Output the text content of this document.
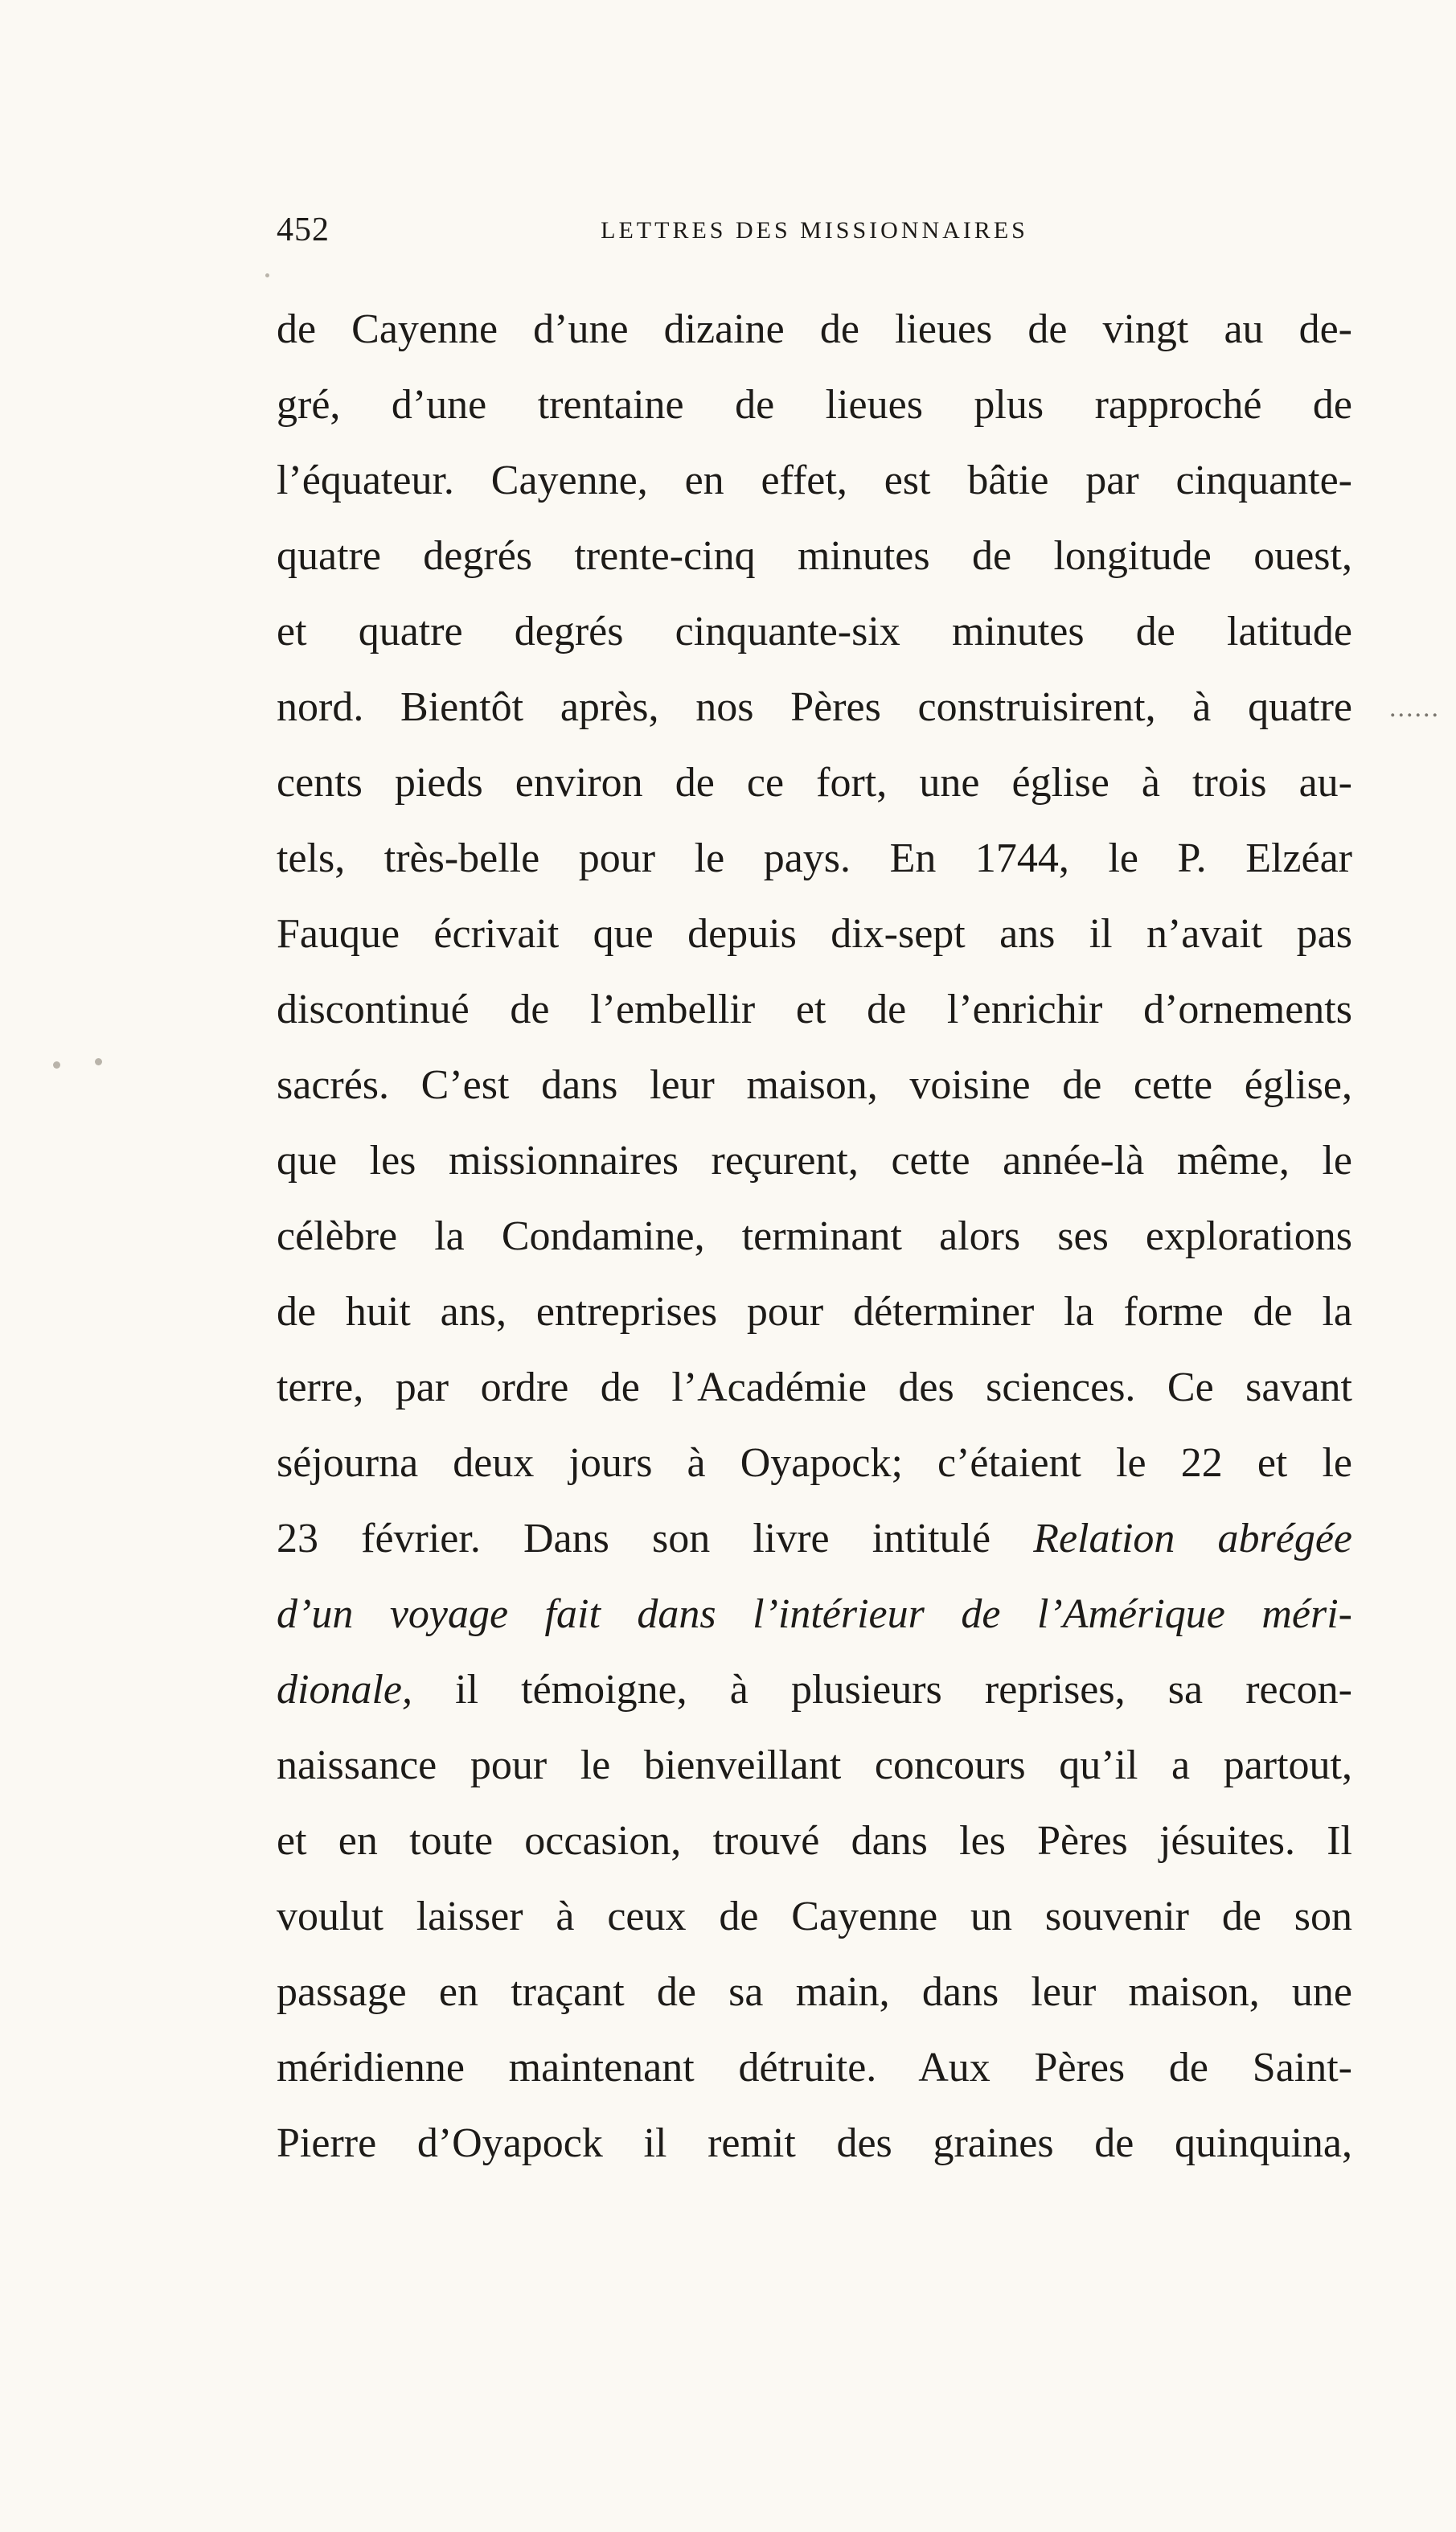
452	LETTRES DES MISSIONNAIRES
de Cayenne d’une dizaine de lieues de vingt au de-
gré, d’une trentaine de lieues plus rapproché de
l’équateur. Cayenne, en effet, est bâtie par cinquante-
quatre degrés trente-cinq minutes de longitude ouest,
et quatre degrés cinquante-six minutes de latitude
nord. Bientôt après, nos Pères construisirent, à quatre
cents pieds environ de ce fort, une église à trois au-
tels, très-belle pour le pays. En 1744, le P. Elzéar
Fauque écrivait que depuis dix-sept ans il n’avait pas
discontinué de l’embellir et de l’enrichir d’ornements
sacrés. C’est dans leur maison, voisine de cette église,
que les missionnaires reçurent, cette année-là même, le
célèbre la Condamine, terminant alors ses explorations
de huit ans, entreprises pour déterminer la forme de la
terre, par ordre de l’Académie des sciences. Ce savant
séjourna deux jours à Oyapock; c’étaient le 22 et le
23 février. Dans son livre intitulé Relation abrégée
d’un voyage fait dans l’intérieur de l’Amérique méri-
dionale, il témoigne, à plusieurs reprises, sa recon-
naissance pour le bienveillant concours qu’il a partout,
et en toute occasion, trouvé dans les Pères jésuites. Il
voulut laisser à ceux de Cayenne un souvenir de son
passage en traçant de sa main, dans leur maison, une
méridienne maintenant détruite. Aux Pères de Saint-
Pierre d’Oyapock il remit des graines de quinquina,
......
